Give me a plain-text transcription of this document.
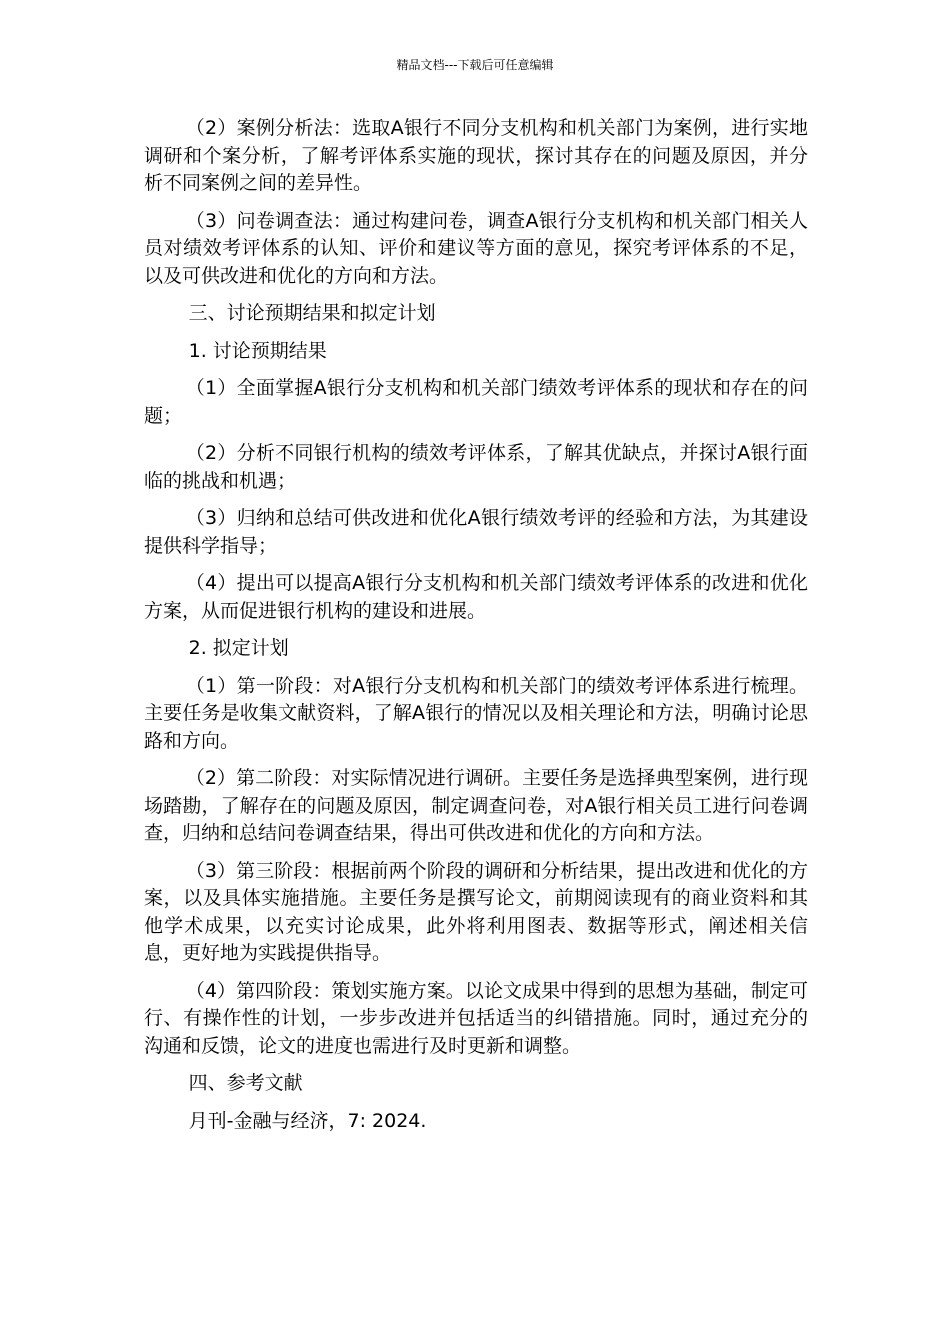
精品文档---下载后可任意编辑

（2）案例分析法：选取A银行不同分支机构和机关部门为案例，进行实地调研和个案分析，了解考评体系实施的现状，探讨其存在的问题及原因，并分析不同案例之间的差异性。

（3）问卷调查法：通过构建问卷，调查A银行分支机构和机关部门相关人员对绩效考评体系的认知、评价和建议等方面的意见，探究考评体系的不足，以及可供改进和优化的方向和方法。

三、讨论预期结果和拟定计划

1. 讨论预期结果

（1）全面掌握A银行分支机构和机关部门绩效考评体系的现状和存在的问题；

（2）分析不同银行机构的绩效考评体系，了解其优缺点，并探讨A银行面临的挑战和机遇；

（3）归纳和总结可供改进和优化A银行绩效考评的经验和方法，为其建设提供科学指导；

（4）提出可以提高A银行分支机构和机关部门绩效考评体系的改进和优化方案，从而促进银行机构的建设和进展。

2. 拟定计划

（1）第一阶段：对A银行分支机构和机关部门的绩效考评体系进行梳理。主要任务是收集文献资料，了解A银行的情况以及相关理论和方法，明确讨论思路和方向。

（2）第二阶段：对实际情况进行调研。主要任务是选择典型案例，进行现场踏勘，了解存在的问题及原因，制定调查问卷，对A银行相关员工进行问卷调查，归纳和总结问卷调查结果，得出可供改进和优化的方向和方法。

（3）第三阶段：根据前两个阶段的调研和分析结果，提出改进和优化的方案，以及具体实施措施。主要任务是撰写论文，前期阅读现有的商业资料和其他学术成果，以充实讨论成果，此外将利用图表、数据等形式，阐述相关信息，更好地为实践提供指导。

（4）第四阶段：策划实施方案。以论文成果中得到的思想为基础，制定可行、有操作性的计划，一步步改进并包括适当的纠错措施。同时，通过充分的沟通和反馈，论文的进度也需进行及时更新和调整。

四、参考文献

月刊-金融与经济，7: 2024.
